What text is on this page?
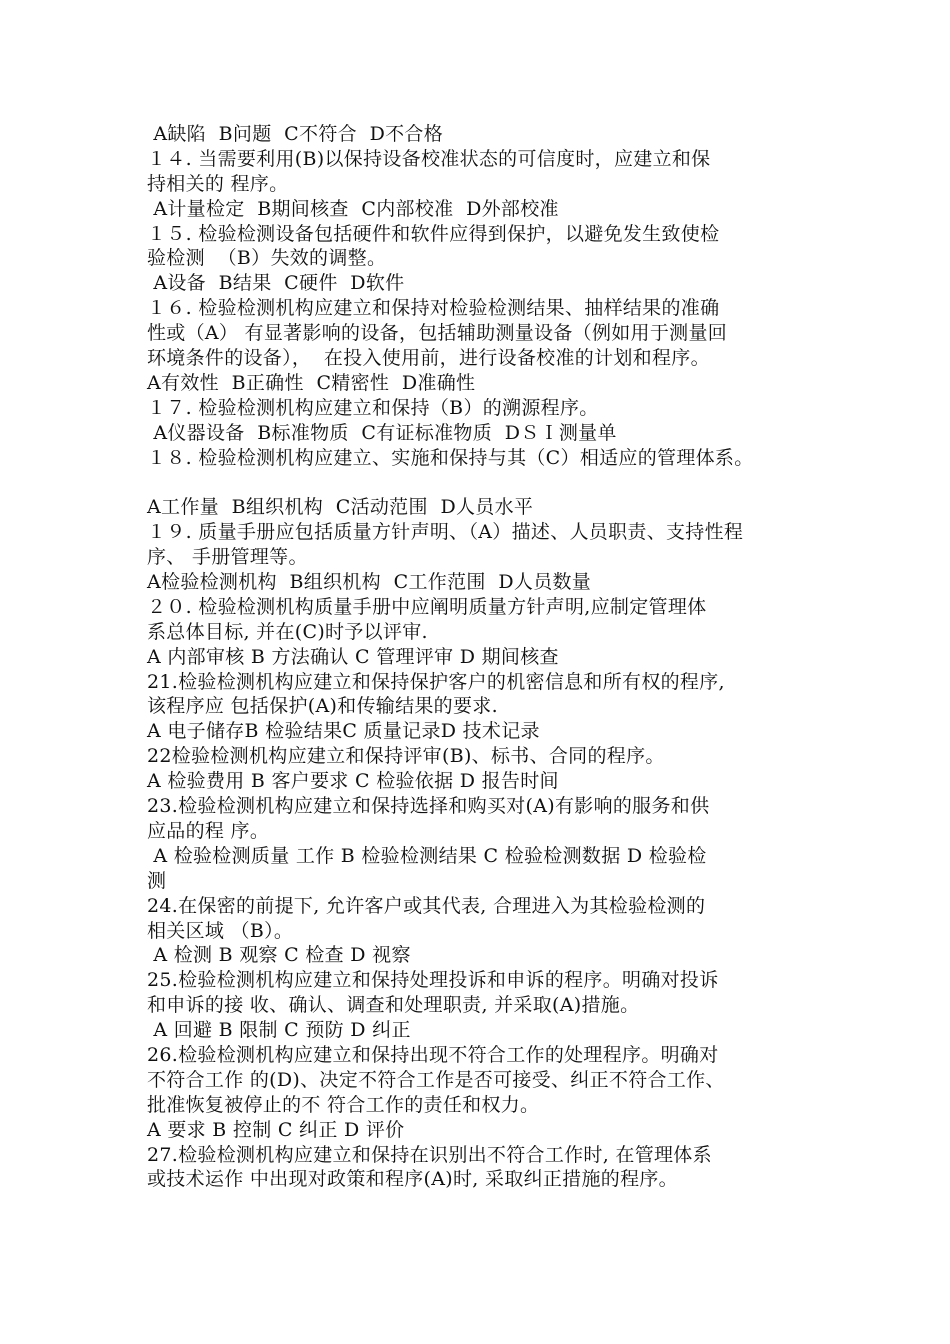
A缺陷  B问题  C不符合  D不合格
１４. 当需要利用(B)以保持设备校准状态的可信度时，应建立和保
持相关的 程序。
A计量检定  B期间核查  C内部校准  D外部校准
１５. 检验检测设备包括硬件和软件应得到保护，以避免发生致使检
验检测  （B）失效的调整。
A设备  B结果  C硬件  D软件
１６. 检验检测机构应建立和保持对检验检测结果、抽样结果的准确
性或（A） 有显著影响的设备，包括辅助测量设备（例如用于测量回
环境条件的设备），  在投入使用前，进行设备校准的计划和程序。
A有效性  B正确性  C精密性  D准确性
１７. 检验检测机构应建立和保持（B）的溯源程序。
A仪器设备  B标准物质  C有证标准物质  DＳＩ测量单
１８. 检验检测机构应建立、实施和保持与其（C）相适应的管理体系。
A工作量  B组织机构  C活动范围  D人员水平
１９. 质量手册应包括质量方针声明、（A）描述、人员职责、支持性程
序、 手册管理等。
A检验检测机构  B组织机构  C工作范围  D人员数量
２０. 检验检测机构质量手册中应阐明质量方针声明,应制定管理体
系总体目标, 并在(C)时予以评审.
A 内部审核 B 方法确认 C 管理评审 D 期间核查
21.检验检测机构应建立和保持保护客户的机密信息和所有权的程序,
该程序应 包括保护(A)和传输结果的要求.
A 电子储存B 检验结果C 质量记录D 技术记录
22检验检测机构应建立和保持评审(B)、标书、合同的程序。
A 检验费用 B 客户要求 C 检验依据 D 报告时间
23.检验检测机构应建立和保持选择和购买对(A)有影响的服务和供
应品的程 序。
A 检验检测质量 工作 B 检验检测结果 C 检验检测数据 D 检验检
测
24.在保密的前提下, 允许客户或其代表, 合理进入为其检验检测的
相关区域 （B）。
A 检测 B 观察 C 检查 D 视察
25.检验检测机构应建立和保持处理投诉和申诉的程序。明确对投诉
和申诉的接 收、确认、调查和处理职责, 并采取(A)措施。
A 回避 B 限制 C 预防 D 纠正
26.检验检测机构应建立和保持出现不符合工作的处理程序。明确对
不符合工作 的(D)、决定不符合工作是否可接受、纠正不符合工作、
批准恢复被停止的不 符合工作的责任和权力。
A 要求 B 控制 C 纠正 D 评价
27.检验检测机构应建立和保持在识别出不符合工作时, 在管理体系
或技术运作 中出现对政策和程序(A)时, 采取纠正措施的程序。
